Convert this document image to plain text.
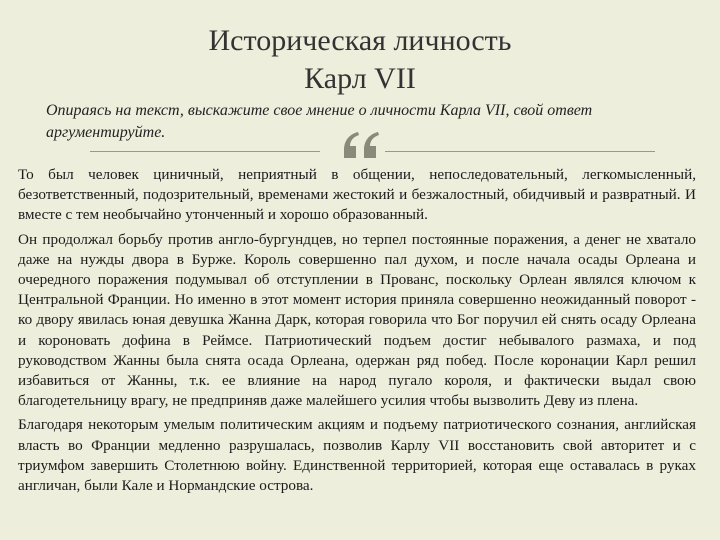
Историческая личность
Карл VII
Опираясь на текст, выскажите свое мнение о личности Карла VII, свой ответ аргументируйте.

То был человек циничный, неприятный в общении, непоследовательный, легкомысленный, безответственный, подозрительный, временами жестокий и безжалостный, обидчивый и развратный. И вместе с тем необычайно утонченный и хорошо образованный.

Он продолжал борьбу против англо-бургундцев, но терпел постоянные поражения, а денег не хватало даже на нужды двора в Бурже. Король совершенно пал духом, и после начала осады Орлеана и очередного поражения подумывал об отступлении в Прованс, поскольку Орлеан являлся ключом к Центральной Франции. Но именно в этот момент история приняла совершенно неожиданный поворот - ко двору явилась юная девушка Жанна Дарк, которая говорила что Бог поручил ей снять осаду Орлеана и короновать дофина в Реймсе. Патриотический подъем достиг небывалого размаха, и под руководством Жанны была снята осада Орлеана, одержан ряд побед. После коронации Карл решил избавиться от Жанны, т.к. ее влияние на народ пугало короля, и фактически выдал свою благодетельницу врагу, не предприняв даже малейшего усилия чтобы вызволить Деву из плена.

Благодаря некоторым умелым политическим акциям и подъему патриотического сознания, английская власть во Франции медленно разрушалась, позволив Карлу VII восстановить свой авторитет и с триумфом завершить Столетнюю войну. Единственной территорией, которая еще оставалась в руках англичан, были Кале и Нормандские острова.
